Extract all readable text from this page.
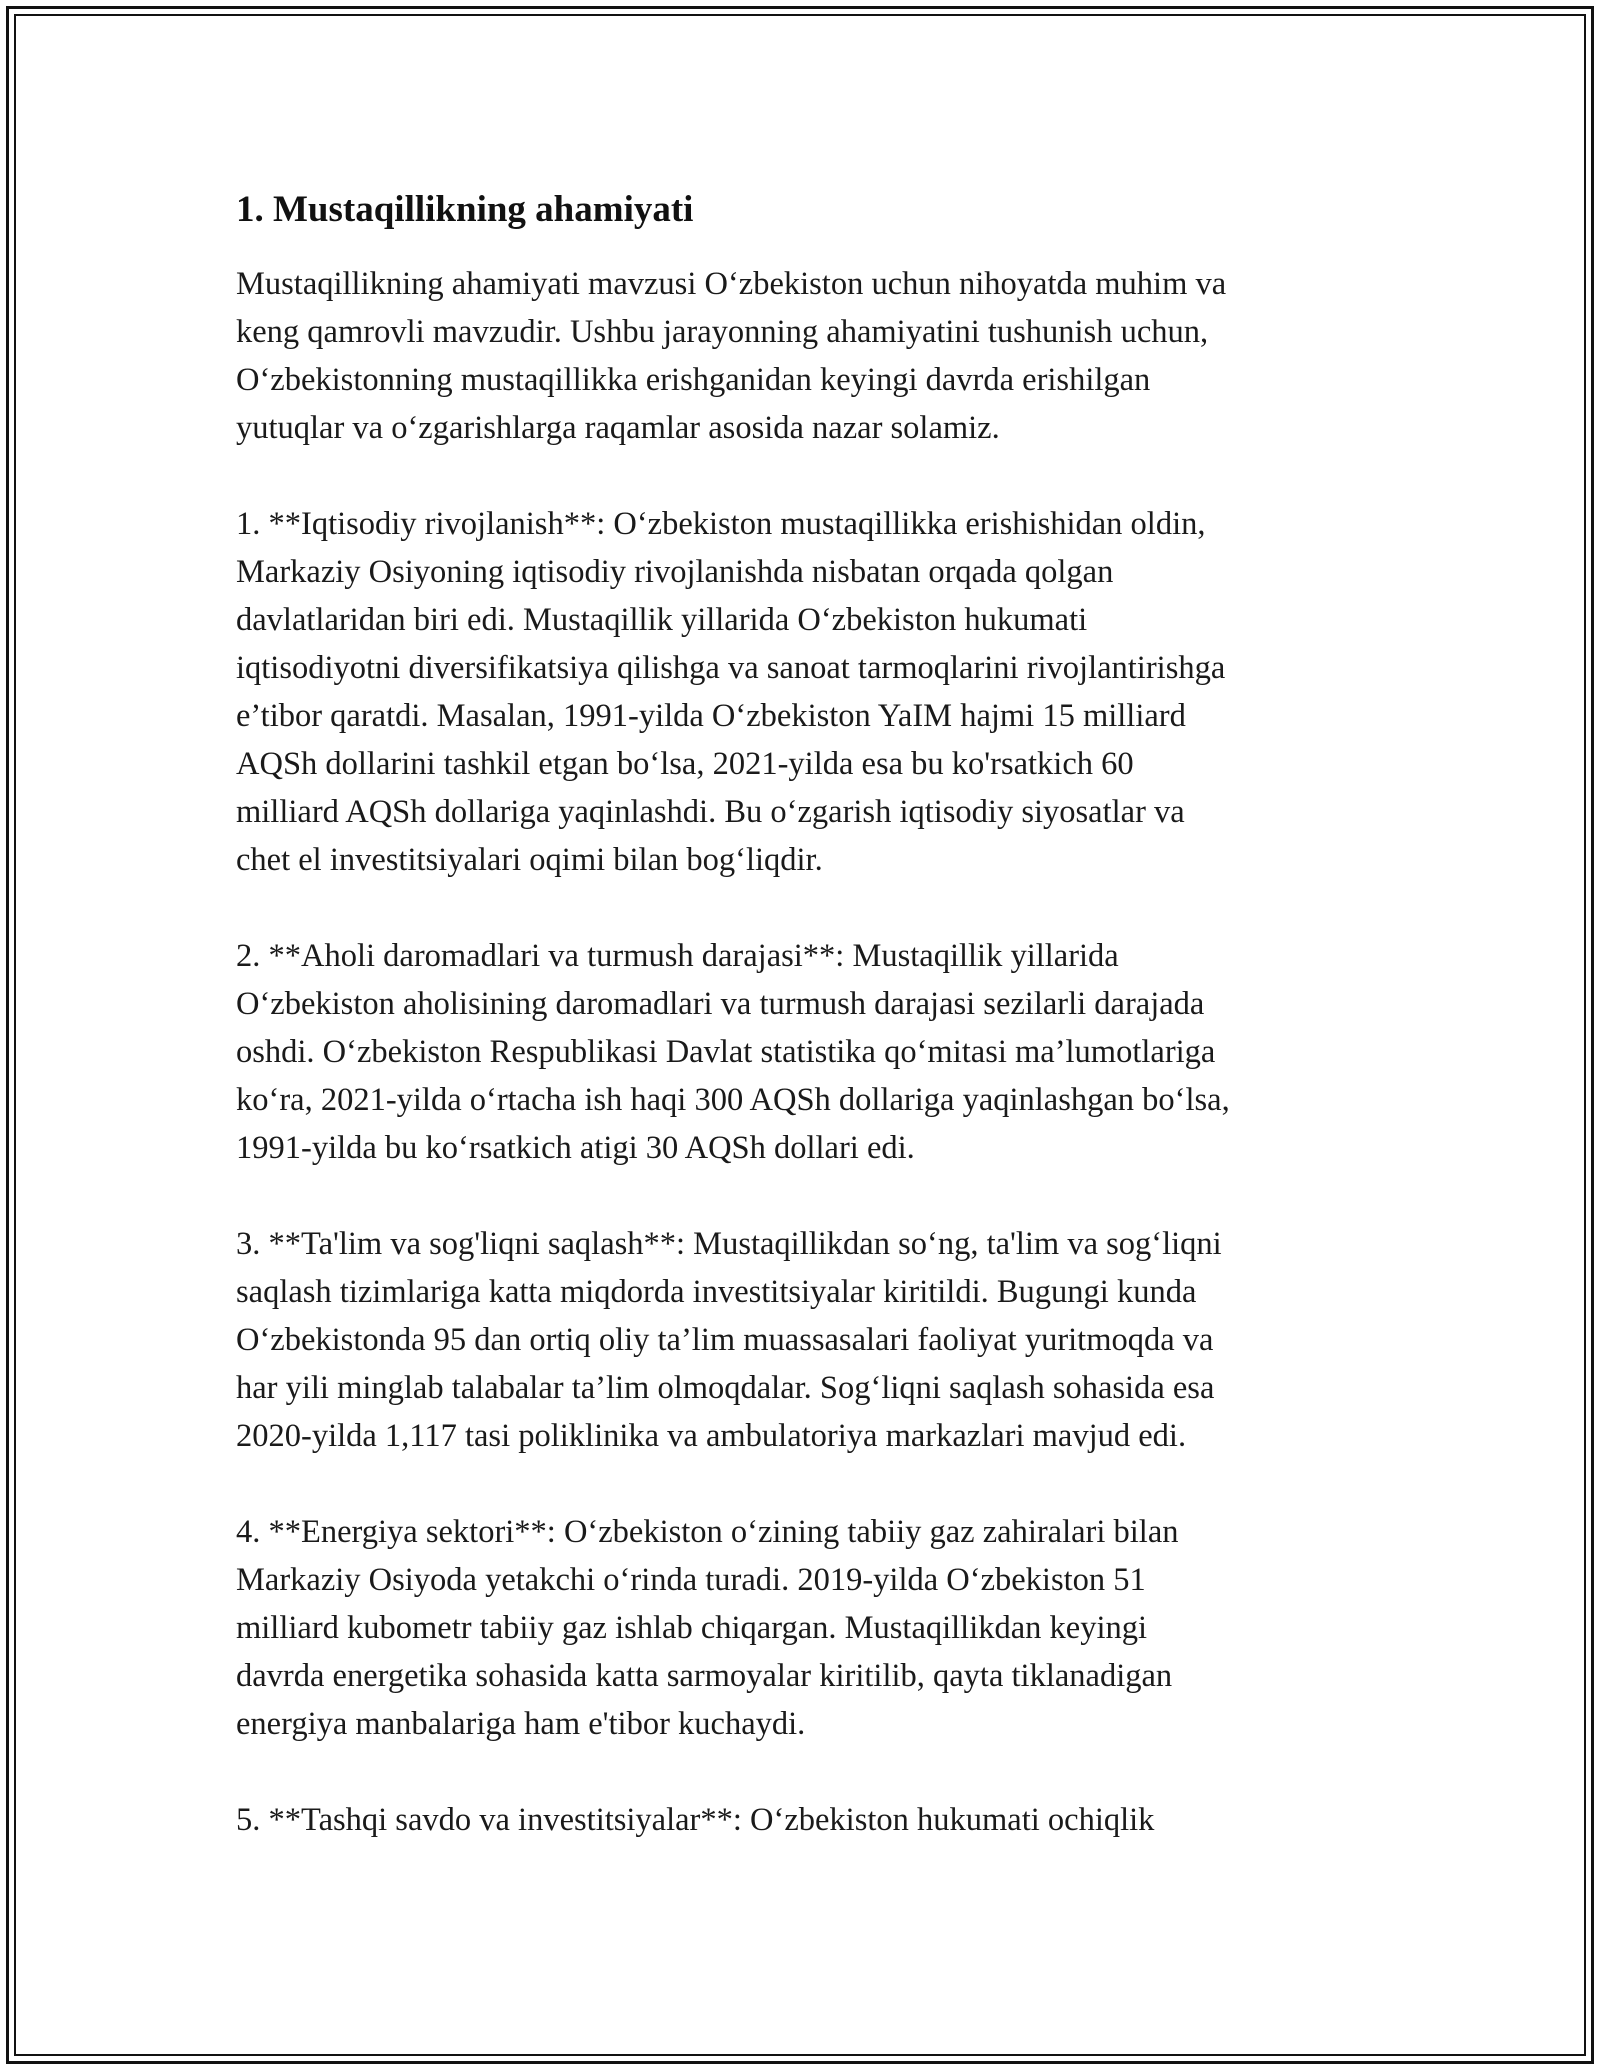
1. Mustaqillikning ahamiyati
Mustaqillikning ahamiyati mavzusi O‘zbekiston uchun nihoyatda muhim va
keng qamrovli mavzudir. Ushbu jarayonning ahamiyatini tushunish uchun,
O‘zbekistonning mustaqillikka erishganidan keyingi davrda erishilgan
yutuqlar va o‘zgarishlarga raqamlar asosida nazar solamiz.
1. **Iqtisodiy rivojlanish**: O‘zbekiston mustaqillikka erishishidan oldin,
Markaziy Osiyoning iqtisodiy rivojlanishda nisbatan orqada qolgan
davlatlaridan biri edi. Mustaqillik yillarida O‘zbekiston hukumati
iqtisodiyotni diversifikatsiya qilishga va sanoat tarmoqlarini rivojlantirishga
e’tibor qaratdi. Masalan, 1991-yilda O‘zbekiston YaIM hajmi 15 milliard
AQSh dollarini tashkil etgan bo‘lsa, 2021-yilda esa bu ko'rsatkich 60
milliard AQSh dollariga yaqinlashdi. Bu o‘zgarish iqtisodiy siyosatlar va
chet el investitsiyalari oqimi bilan bog‘liqdir.
2. **Aholi daromadlari va turmush darajasi**: Mustaqillik yillarida
O‘zbekiston aholisining daromadlari va turmush darajasi sezilarli darajada
oshdi. O‘zbekiston Respublikasi Davlat statistika qo‘mitasi ma’lumotlariga
ko‘ra, 2021-yilda o‘rtacha ish haqi 300 AQSh dollariga yaqinlashgan bo‘lsa,
1991-yilda bu ko‘rsatkich atigi 30 AQSh dollari edi.
3. **Ta'lim va sog'liqni saqlash**: Mustaqillikdan so‘ng, ta'lim va sog‘liqni
saqlash tizimlariga katta miqdorda investitsiyalar kiritildi. Bugungi kunda
O‘zbekistonda 95 dan ortiq oliy ta’lim muassasalari faoliyat yuritmoqda va
har yili minglab talabalar ta’lim olmoqdalar. Sog‘liqni saqlash sohasida esa
2020-yilda 1,117 tasi poliklinika va ambulatoriya markazlari mavjud edi.
4. **Energiya sektori**: O‘zbekiston o‘zining tabiiy gaz zahiralari bilan
Markaziy Osiyoda yetakchi o‘rinda turadi. 2019-yilda O‘zbekiston 51
milliard kubometr tabiiy gaz ishlab chiqargan. Mustaqillikdan keyingi
davrda energetika sohasida katta sarmoyalar kiritilib, qayta tiklanadigan
energiya manbalariga ham e'tibor kuchaydi.
5. **Tashqi savdo va investitsiyalar**: O‘zbekiston hukumati ochiqlik
